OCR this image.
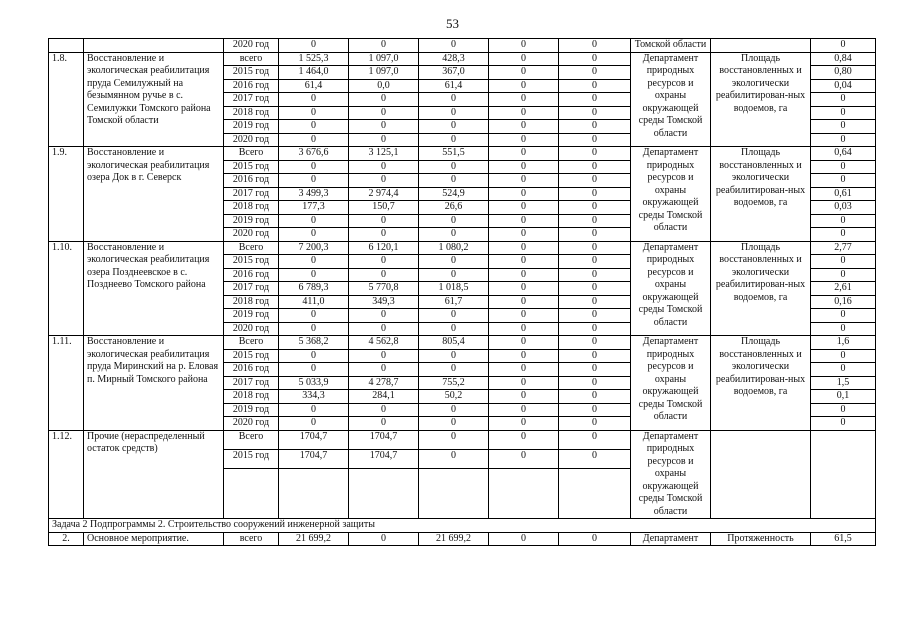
53
		2020 год	0	0	0	0	0	Томской области		0
1.8.	Восстановление и экологическая реабилитация пруда Семилужный на безымянном ручье в с. Семилужки Томского района Томской области	всего	1 525,3	1 097,0	428,3	0	0	Департамент природных ресурсов и охраны окружающей среды Томской области	Площадь восстановленных и экологически реабилитирован-ных водоемов, га	0,84
		2015 год	1 464,0	1 097,0	367,0	0	0			0,80
		2016 год	61,4	0,0	61,4	0	0			0,04
		2017 год	0	0	0	0	0			0
		2018 год	0	0	0	0	0			0
		2019 год	0	0	0	0	0			0
		2020 год	0	0	0	0	0			0
1.9.	Восстановление и экологическая реабилитация озера Док в г. Северск	Всего	3 676,6	3 125,1	551,5	0	0	Департамент природных ресурсов и охраны окружающей среды Томской области	Площадь восстановленных и экологически реабилитирован-ных водоемов, га	0,64
		2015 год	0	0	0	0	0			0
		2016 год	0	0	0	0	0			0
		2017 год	3 499,3	2 974,4	524,9	0	0			0,61
		2018 год	177,3	150,7	26,6	0	0			0,03
		2019 год	0	0	0	0	0			0
		2020 год	0	0	0	0	0			0
1.10.	Восстановление и экологическая реабилитация озера Позднеевское в с. Позднеево Томского района	Всего	7 200,3	6 120,1	1 080,2	0	0	Департамент природных ресурсов и охраны окружающей среды Томской области	Площадь восстановленных и экологически реабилитирован-ных водоемов, га	2,77
		2015 год	0	0	0	0	0			0
		2016 год	0	0	0	0	0			0
		2017 год	6 789,3	5 770,8	1 018,5	0	0			2,61
		2018 год	411,0	349,3	61,7	0	0			0,16
		2019 год	0	0	0	0	0			0
		2020 год	0	0	0	0	0			0
1.11.	Восстановление и экологическая реабилитация пруда Миринский на р. Еловая п. Мирный Томского района	Всего	5 368,2	4 562,8	805,4	0	0	Департамент природных ресурсов и охраны окружающей среды Томской области	Площадь восстановленных и экологически реабилитирован-ных водоемов, га	1,6
		2015 год	0	0	0	0	0			0
		2016 год	0	0	0	0	0			0
		2017 год	5 033,9	4 278,7	755,2	0	0			1,5
		2018 год	334,3	284,1	50,2	0	0			0,1
		2019 год	0	0	0	0	0			0
		2020 год	0	0	0	0	0			0
1.12.	Прочие (нераспределенный остаток средств)	Всего	1704,7	1704,7	0	0	0	Департамент природных ресурсов и охраны окружающей среды Томской области		
		2015 год	1704,7	1704,7	0	0	0			

Задача 2 Подпрограммы 2. Строительство сооружений инженерной защиты										
2.	Основное мероприятие.	всего	21 699,2	0	21 699,2	0	0	Департамент	Протяженность	61,5
